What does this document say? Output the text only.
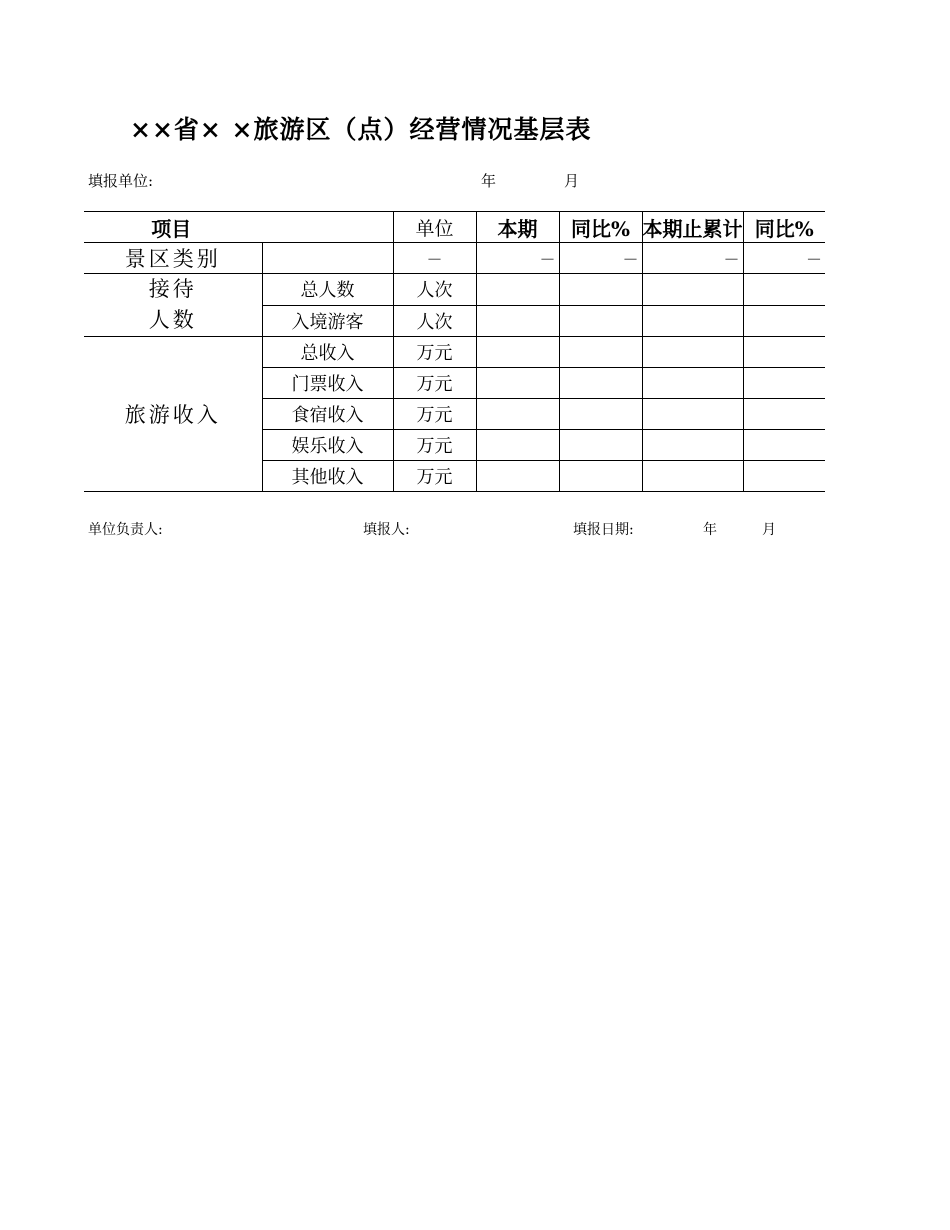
××省× ×旅游区（点）经营情况基层表
填报单位:	年	月
项目		单位	本期	同比%	本期止累计	同比%
景区类别		－	－	－	－	－

接待
人数	总人数	人次				
	入境游客	人次				
旅游收入	总收入	万元				
	门票收入	万元				
	食宿收入	万元				
	娱乐收入	万元				
	其他收入	万元				
单位负责人:	填报人:	填报日期:	年	月
